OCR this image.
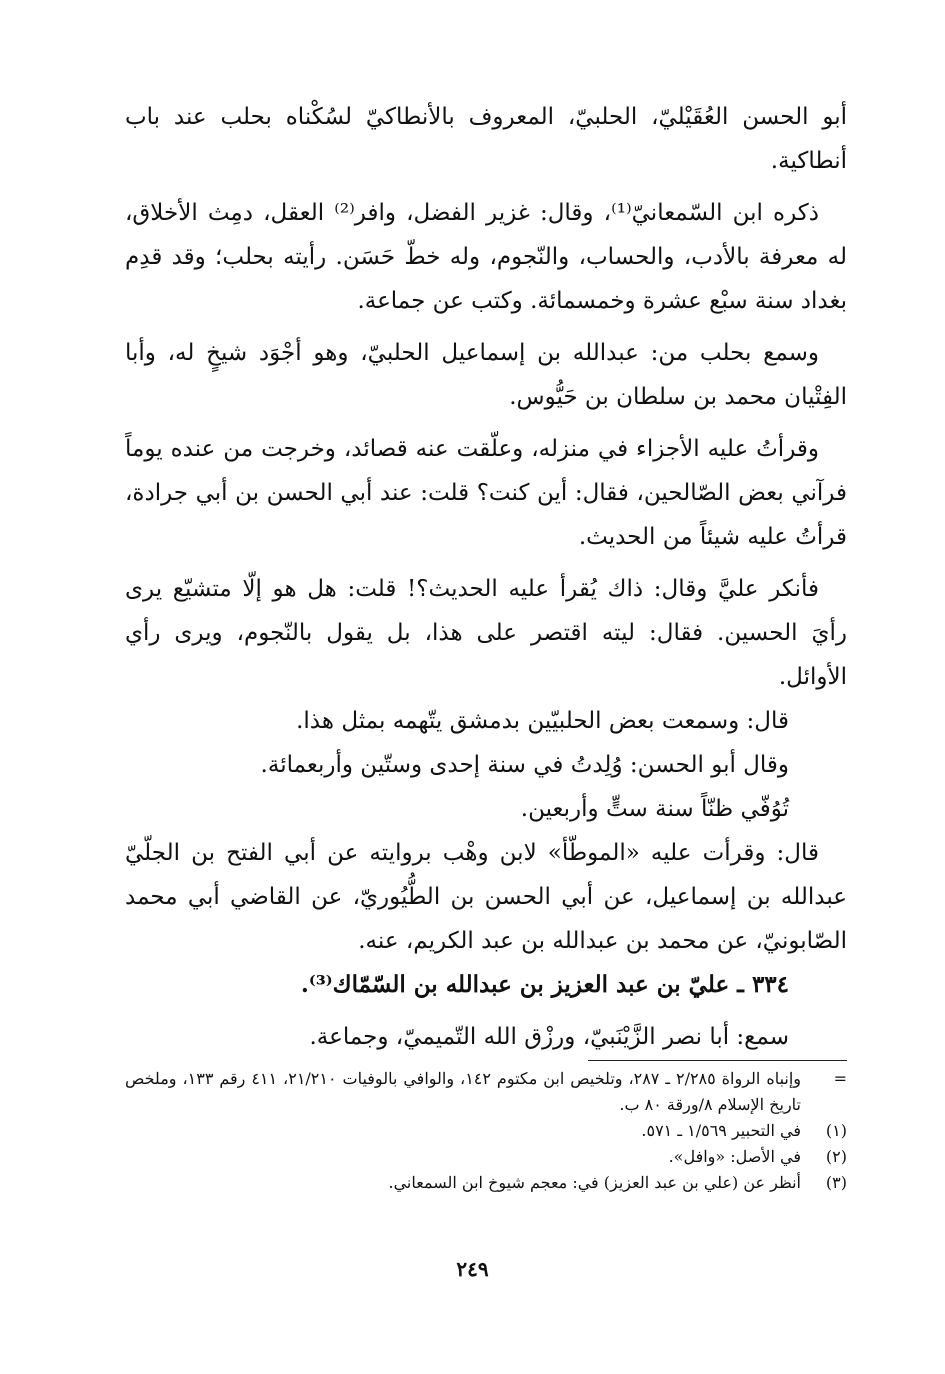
أبو الحسن العُقَيْليّ، الحلبيّ، المعروف بالأنطاكيّ لسُكْناه بحلب عند باب أنطاكية.

ذكره ابن السّمعانيّ⁽¹⁾، وقال: غزير الفضل، وافر⁽²⁾ العقل، دمِث الأخلاق، له معرفة بالأدب، والحساب، والنّجوم، وله خطّ حَسَن. رأيته بحلب؛ وقد قدِم بغداد سنة سبْع عشرة وخمسمائة. وكتب عن جماعة.

وسمع بحلب من: عبدالله بن إسماعيل الحلبيّ، وهو أجْوَد شيخٍ له، وأبا الفِتْيان محمد بن سلطان بن حَيُّوس.

وقرأتُ عليه الأجزاء في منزله، وعلّقت عنه قصائد، وخرجت من عنده يوماً فرآني بعض الصّالحين، فقال: أين كنت؟ قلت: عند أبي الحسن بن أبي جرادة، قرأتُ عليه شيئاً من الحديث.

فأنكر عليَّ وقال: ذاك يُقرأ عليه الحديث؟! قلت: هل هو إلّا متشيّع يرى رأيَ الحسين. فقال: ليته اقتصر على هذا، بل يقول بالنّجوم، ويرى رأي الأوائل.

قال: وسمعت بعض الحلبيّين بدمشق يتّهمه بمثل هذا.

وقال أبو الحسن: وُلِدتُ في سنة إحدى وستّين وأربعمائة.

تُوُفّي ظنّاً سنة ستٍّ وأربعين.

قال: وقرأت عليه «الموطّأ» لابن وهْب بروايته عن أبي الفتح بن الجلّيّ عبدالله بن إسماعيل، عن أبي الحسن بن الطُّيُوريّ، عن القاضي أبي محمد الصّابونيّ، عن محمد بن عبدالله بن عبد الكريم، عنه.

٣٣٤ ـ عليّ بن عبد العزيز بن عبدالله بن السّمّاك⁽³⁾.

سمع: أبا نصر الزَّيْنَبيّ، ورزْق الله التّميميّ، وجماعة.

=
وإنباه الرواة ٢/٢٨٥ ـ ٢٨٧، وتلخيص ابن مكتوم ١٤٢، والوافي بالوفيات ٢١/٢١٠، ٤١١ رقم ١٣٣، وملخص تاريخ الإسلام ٨/ورقة ٨٠ ب.
(١)
في التحبير ١/٥٦٩ ـ ٥٧١.
(٢)
في الأصل: «وافل».
(٣)
أنظر عن (علي بن عبد العزيز) في: معجم شيوخ ابن السمعاني.
٢٤٩
